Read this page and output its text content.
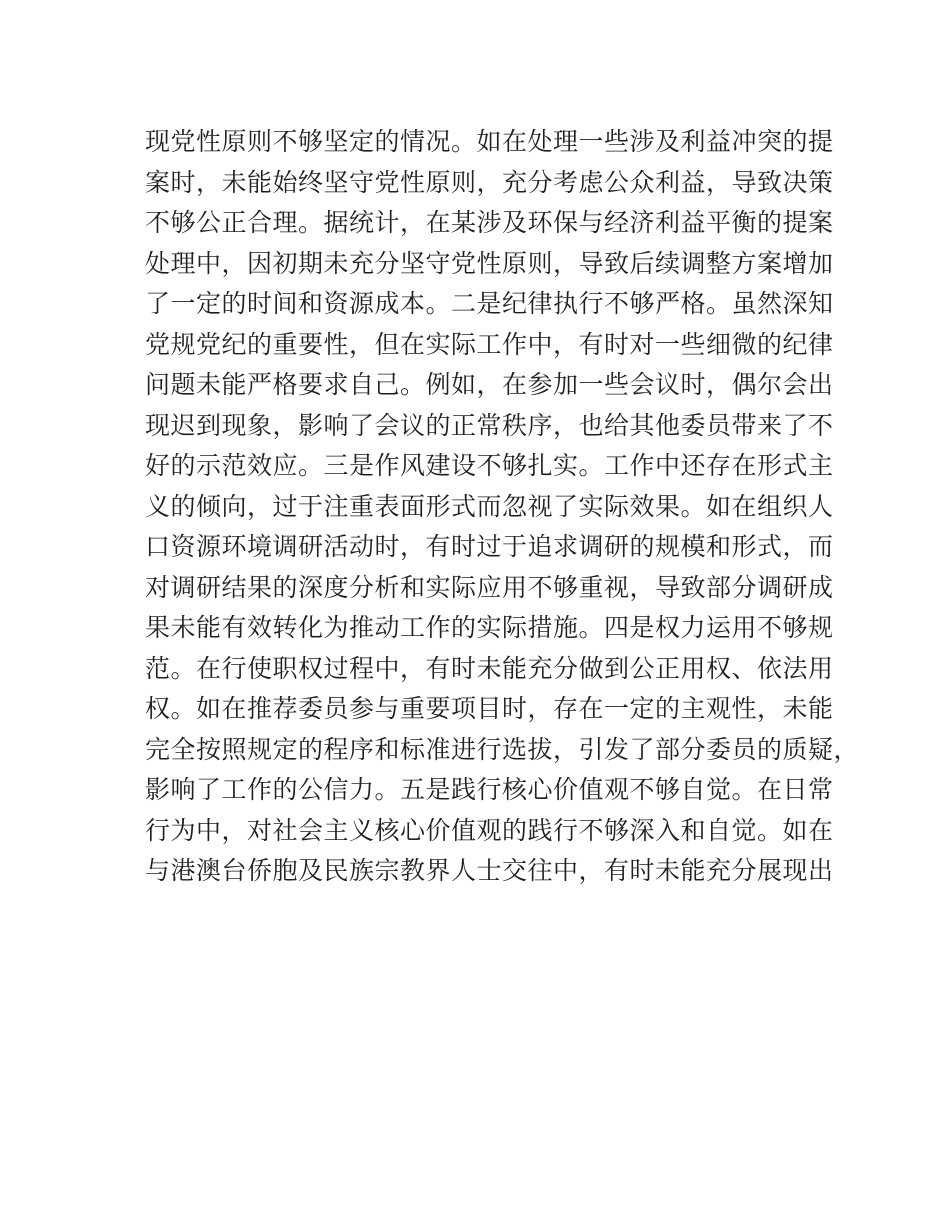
现党性原则不够坚定的情况。如在处理一些涉及利益冲突的提
案时，未能始终坚守党性原则，充分考虑公众利益，导致决策
不够公正合理。据统计，在某涉及环保与经济利益平衡的提案
处理中，因初期未充分坚守党性原则，导致后续调整方案增加
了一定的时间和资源成本。二是纪律执行不够严格。虽然深知
党规党纪的重要性，但在实际工作中，有时对一些细微的纪律
问题未能严格要求自己。例如，在参加一些会议时，偶尔会出
现迟到现象，影响了会议的正常秩序，也给其他委员带来了不
好的示范效应。三是作风建设不够扎实。工作中还存在形式主
义的倾向，过于注重表面形式而忽视了实际效果。如在组织人
口资源环境调研活动时，有时过于追求调研的规模和形式，而
对调研结果的深度分析和实际应用不够重视，导致部分调研成
果未能有效转化为推动工作的实际措施。四是权力运用不够规
范。在行使职权过程中，有时未能充分做到公正用权、依法用
权。如在推荐委员参与重要项目时，存在一定的主观性，未能
完全按照规定的程序和标准进行选拔，引发了部分委员的质疑，
影响了工作的公信力。五是践行核心价值观不够自觉。在日常
行为中，对社会主义核心价值观的践行不够深入和自觉。如在
与港澳台侨胞及民族宗教界人士交往中，有时未能充分展现出
